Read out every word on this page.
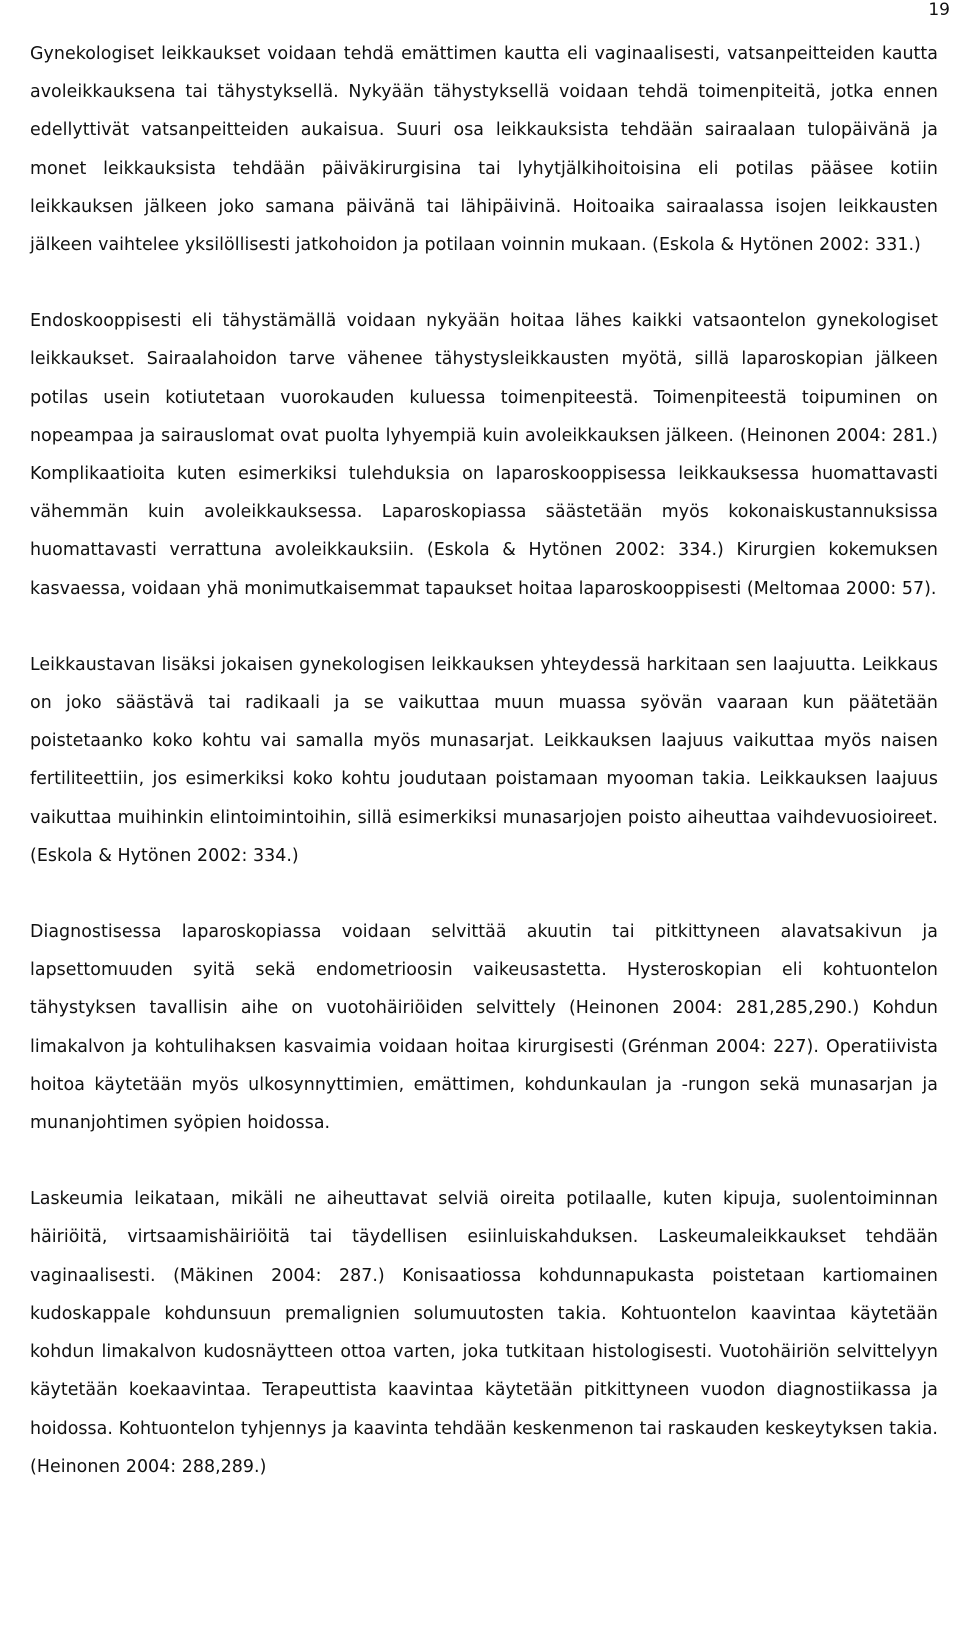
19

Gynekologiset leikkaukset voidaan tehdä emättimen kautta eli vaginaalisesti, vatsanpeitteiden kautta avoleikkauksena tai tähystyksellä. Nykyään tähystyksellä voidaan tehdä toimenpiteitä, jotka ennen edellyttivät vatsanpeitteiden aukaisua. Suuri osa leikkauksista tehdään sairaalaan tulopäivänä ja monet leikkauksista tehdään päiväkirurgisina tai lyhytjälkihoitoisina eli potilas pääsee kotiin leikkauksen jälkeen joko samana päivänä tai lähipäivinä. Hoitoaika sairaalassa isojen leikkausten jälkeen vaihtelee yksilöllisesti jatkohoidon ja potilaan voinnin mukaan. (Eskola & Hytönen 2002: 331.)

Endoskooppisesti eli tähystämällä voidaan nykyään hoitaa lähes kaikki vatsaontelon gynekologiset leikkaukset. Sairaalahoidon tarve vähenee tähystysleikkausten myötä, sillä laparoskopian jälkeen potilas usein kotiutetaan vuorokauden kuluessa toimenpiteestä. Toimenpiteestä toipuminen on nopeampaa ja sairauslomat ovat puolta lyhyempiä kuin avoleikkauksen jälkeen. (Heinonen 2004: 281.) Komplikaatioita kuten esimerkiksi tulehduksia on laparoskooppisessa leikkauksessa huomattavasti vähemmän kuin avoleikkauksessa. Laparoskopiassa säästetään myös kokonaiskustannuksissa huomattavasti verrattuna avoleikkauksiin. (Eskola & Hytönen 2002: 334.) Kirurgien kokemuksen kasvaessa, voidaan yhä monimutkaisemmat tapaukset hoitaa laparoskooppisesti (Meltomaa 2000: 57).

Leikkaustavan lisäksi jokaisen gynekologisen leikkauksen yhteydessä harkitaan sen laajuutta. Leikkaus on joko säästävä tai radikaali ja se vaikuttaa muun muassa syövän vaaraan kun päätetään poistetaanko koko kohtu vai samalla myös munasarjat. Leikkauksen laajuus vaikuttaa myös naisen fertiliteettiin, jos esimerkiksi koko kohtu joudutaan poistamaan myooman takia. Leikkauksen laajuus vaikuttaa muihinkin elintoimintoihin, sillä esimerkiksi munasarjojen poisto aiheuttaa vaihdevuosioireet. (Eskola & Hytönen 2002: 334.)

Diagnostisessa laparoskopiassa voidaan selvittää akuutin tai pitkittyneen alavatsakivun ja lapsettomuuden syitä sekä endometrioosin vaikeusastetta. Hysteroskopian eli kohtuontelon tähystyksen tavallisin aihe on vuotohäiriöiden selvittely (Heinonen 2004: 281,285,290.) Kohdun limakalvon ja kohtulihaksen kasvaimia voidaan hoitaa kirurgisesti (Grénman 2004: 227). Operatiivista hoitoa käytetään myös ulkosynnyttimien, emättimen, kohdunkaulan ja -rungon sekä munasarjan ja munanjohtimen syöpien hoidossa.

Laskeumia leikataan, mikäli ne aiheuttavat selviä oireita potilaalle, kuten kipuja, suolentoiminnan häiriöitä, virtsaamishäiriöitä tai täydellisen esiinluiskahduksen. Laskeumaleikkaukset tehdään vaginaalisesti. (Mäkinen 2004: 287.) Konisaatiossa kohdunnapukasta poistetaan kartiomainen kudoskappale kohdunsuun premalignien solumuutosten takia. Kohtuontelon kaavintaa käytetään kohdun limakalvon kudosnäytteen ottoa varten, joka tutkitaan histologisesti. Vuotohäiriön selvittelyyn käytetään koekaavintaa. Terapeuttista kaavintaa käytetään pitkittyneen vuodon diagnostiikassa ja hoidossa. Kohtuontelon tyhjennys ja kaavinta tehdään keskenmenon tai raskauden keskeytyksen takia. (Heinonen 2004: 288,289.)
